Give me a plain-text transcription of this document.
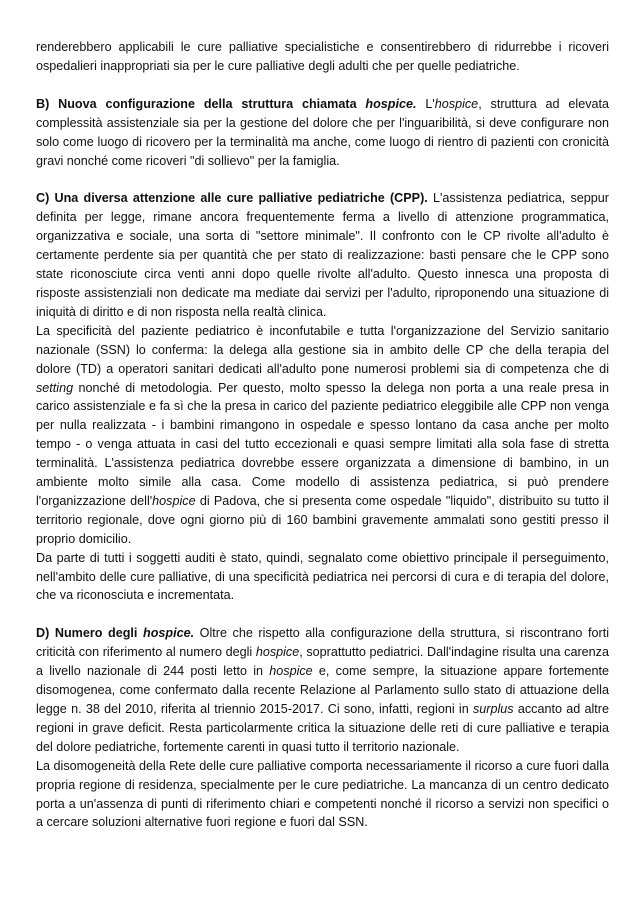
renderebbero applicabili le cure palliative specialistiche e consentirebbero di ridurrebbe i ricoveri ospedalieri inappropriati sia per le cure palliative degli adulti che per quelle pediatriche.

B) Nuova configurazione della struttura chiamata hospice. L'hospice, struttura ad elevata complessità assistenziale sia per la gestione del dolore che per l'inguaribilità, si deve configurare non solo come luogo di ricovero per la terminalità ma anche, come luogo di rientro di pazienti con cronicità gravi nonché come ricoveri "di sollievo" per la famiglia.

C) Una diversa attenzione alle cure palliative pediatriche (CPP). L'assistenza pediatrica, seppur definita per legge, rimane ancora frequentemente ferma a livello di attenzione programmatica, organizzativa e sociale, una sorta di "settore minimale". Il confronto con le CP rivolte all'adulto è certamente perdente sia per quantità che per stato di realizzazione: basti pensare che le CPP sono state riconosciute circa venti anni dopo quelle rivolte all'adulto. Questo innesca una proposta di risposte assistenziali non dedicate ma mediate dai servizi per l'adulto, riproponendo una situazione di iniquità di diritto e di non risposta nella realtà clinica.

La specificità del paziente pediatrico è inconfutabile e tutta l'organizzazione del Servizio sanitario nazionale (SSN) lo conferma: la delega alla gestione sia in ambito delle CP che della terapia del dolore (TD) a operatori sanitari dedicati all'adulto pone numerosi problemi sia di competenza che di setting nonché di metodologia. Per questo, molto spesso la delega non porta a una reale presa in carico assistenziale e fa sì che la presa in carico del paziente pediatrico eleggibile alle CPP non venga per nulla realizzata - i bambini rimangono in ospedale e spesso lontano da casa anche per molto tempo - o venga attuata in casi del tutto eccezionali e quasi sempre limitati alla sola fase di stretta terminalità. L'assistenza pediatrica dovrebbe essere organizzata a dimensione di bambino, in un ambiente molto simile alla casa. Come modello di assistenza pediatrica, si può prendere l'organizzazione dell'hospice di Padova, che si presenta come ospedale "liquido", distribuito su tutto il territorio regionale, dove ogni giorno più di 160 bambini gravemente ammalati sono gestiti presso il proprio domicilio.

Da parte di tutti i soggetti auditi è stato, quindi, segnalato come obiettivo principale il perseguimento, nell'ambito delle cure palliative, di una specificità pediatrica nei percorsi di cura e di terapia del dolore, che va riconosciuta e incrementata.

D) Numero degli hospice. Oltre che rispetto alla configurazione della struttura, si riscontrano forti criticità con riferimento al numero degli hospice, soprattutto pediatrici. Dall'indagine risulta una carenza a livello nazionale di 244 posti letto in hospice e, come sempre, la situazione appare fortemente disomogenea, come confermato dalla recente Relazione al Parlamento sullo stato di attuazione della legge n. 38 del 2010, riferita al triennio 2015-2017. Ci sono, infatti, regioni in surplus accanto ad altre regioni in grave deficit. Resta particolarmente critica la situazione delle reti di cure palliative e terapia del dolore pediatriche, fortemente carenti in quasi tutto il territorio nazionale.

La disomogeneità della Rete delle cure palliative comporta necessariamente il ricorso a cure fuori dalla propria regione di residenza, specialmente per le cure pediatriche. La mancanza di un centro dedicato porta a un'assenza di punti di riferimento chiari e competenti nonché il ricorso a servizi non specifici o a cercare soluzioni alternative fuori regione e fuori dal SSN.
